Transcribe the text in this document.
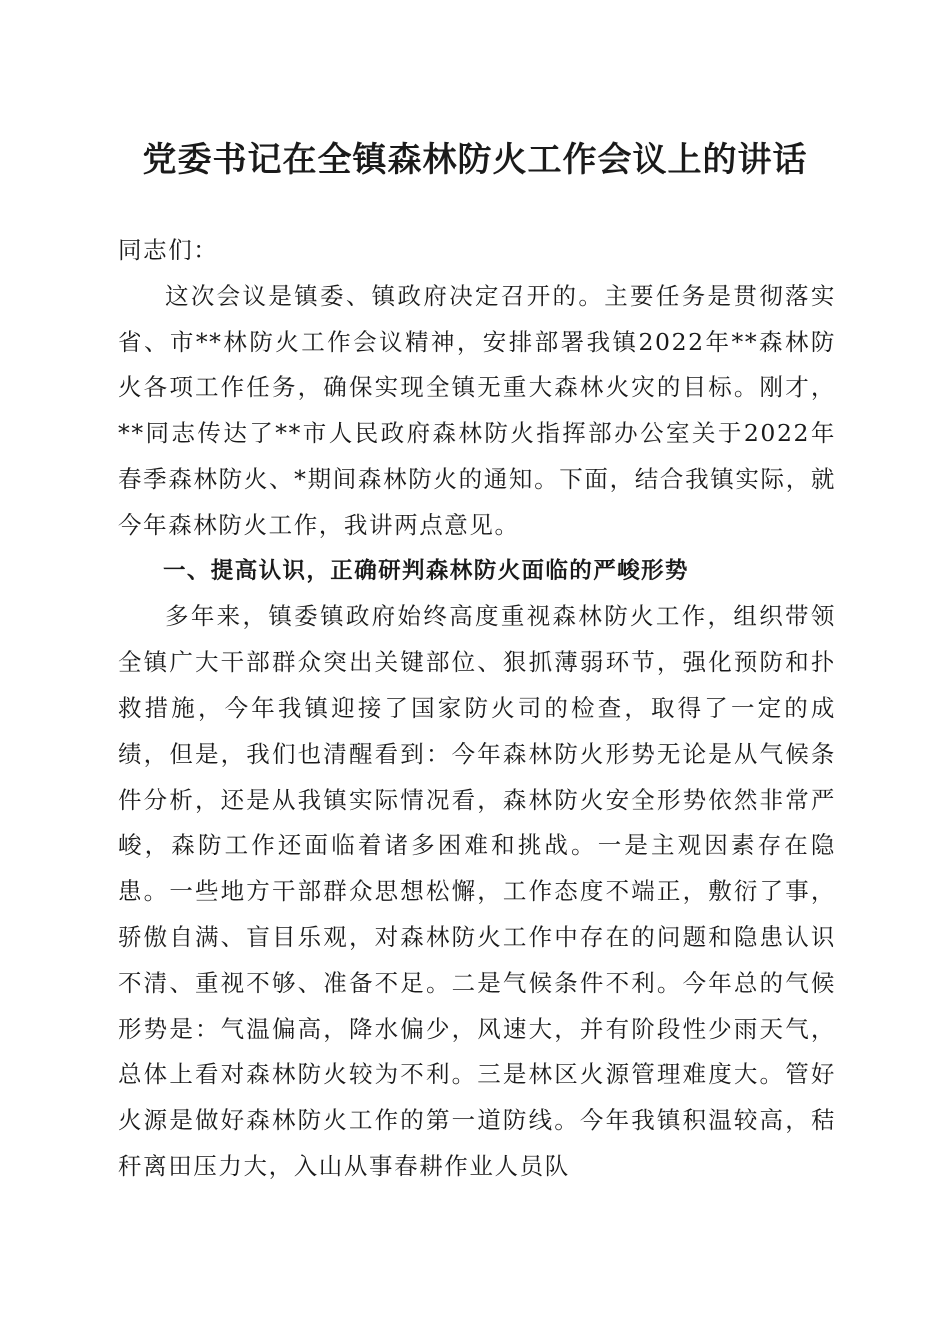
党委书记在全镇森林防火工作会议上的讲话

同志们：

这次会议是镇委、镇政府决定召开的。主要任务是贯彻落实省、市**林防火工作会议精神，安排部署我镇2022年**森林防火各项工作任务，确保实现全镇无重大森林火灾的目标。刚才，**同志传达了**市人民政府森林防火指挥部办公室关于2022年春季森林防火、*期间森林防火的通知。下面，结合我镇实际，就今年森林防火工作，我讲两点意见。

一、提高认识，正确研判森林防火面临的严峻形势

多年来，镇委镇政府始终高度重视森林防火工作，组织带领全镇广大干部群众突出关键部位、狠抓薄弱环节，强化预防和扑救措施，今年我镇迎接了国家防火司的检查，取得了一定的成绩，但是，我们也清醒看到：今年森林防火形势无论是从气候条件分析，还是从我镇实际情况看，森林防火安全形势依然非常严峻，森防工作还面临着诸多困难和挑战。一是主观因素存在隐患。一些地方干部群众思想松懈，工作态度不端正，敷衍了事，骄傲自满、盲目乐观，对森林防火工作中存在的问题和隐患认识不清、重视不够、准备不足。二是气候条件不利。今年总的气候形势是：气温偏高，降水偏少，风速大，并有阶段性少雨天气，总体上看对森林防火较为不利。三是林区火源管理难度大。管好火源是做好森林防火工作的第一道防线。今年我镇积温较高，秸秆离田压力大，入山从事春耕作业人员队
